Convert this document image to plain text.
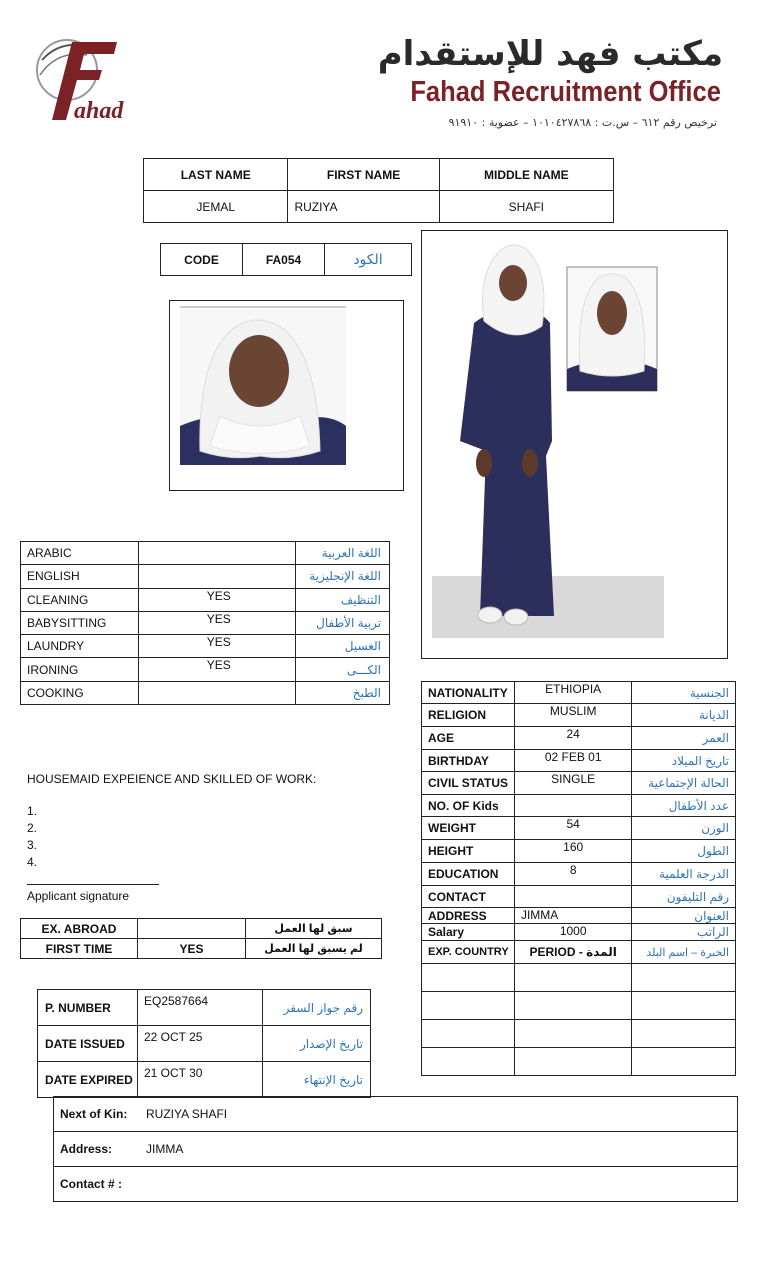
ahad
مكتب فهد للإستقدام
Fahad Recruitment Office
ترخيص رقم ٦١٢ – س.ت : ١٠١٠٤٢٧٨٦٨ – عضوية : ٩١٩١٠
LAST NAME	FIRST NAME	MIDDLE NAME
JEMAL	RUZIYA	SHAFI
CODE	FA054	الكود
ARABIC		اللغة العربية
ENGLISH		اللغة الإنجليزية
CLEANING	YES	التنظيف
BABYSITTING	YES	تربية الأطفال
LAUNDRY	YES	الغسيل
IRONING	YES	الكـــى
COOKING		الطبخ
HOUSEMAID EXPEIENCE AND SKILLED OF WORK:
1.
2.
3.
4.
Applicant signature
EX. ABROAD		سبق لها العمل
FIRST TIME	YES	لم يسبق لها العمل
P. NUMBER	EQ2587664	رقم جواز السفر
DATE ISSUED	22 OCT 25	تاريخ الإصدار
DATE EXPIRED	21 OCT 30	تاريخ الإنتهاء
NATIONALITY	ETHIOPIA	الجنسية
RELIGION	MUSLIM	الديانة
AGE	24	العمر
BIRTHDAY	02 FEB 01	تاريخ الميلاد
CIVIL STATUS	SINGLE	الحالة الإجتماعية
NO. OF Kids		عدد الأطفال
WEIGHT	54	الوزن
HEIGHT	160	الطول
EDUCATION	8	الدرجة العلمية
CONTACT		رقم التليفون
ADDRESS	JIMMA	العنوان
Salary	1000	الراتب
EXP. COUNTRY	PERIOD - المدة	الخبرة – اسم البلد

Next of Kin: RUZIYA SHAFI
Address:	JIMMA
Contact # :
